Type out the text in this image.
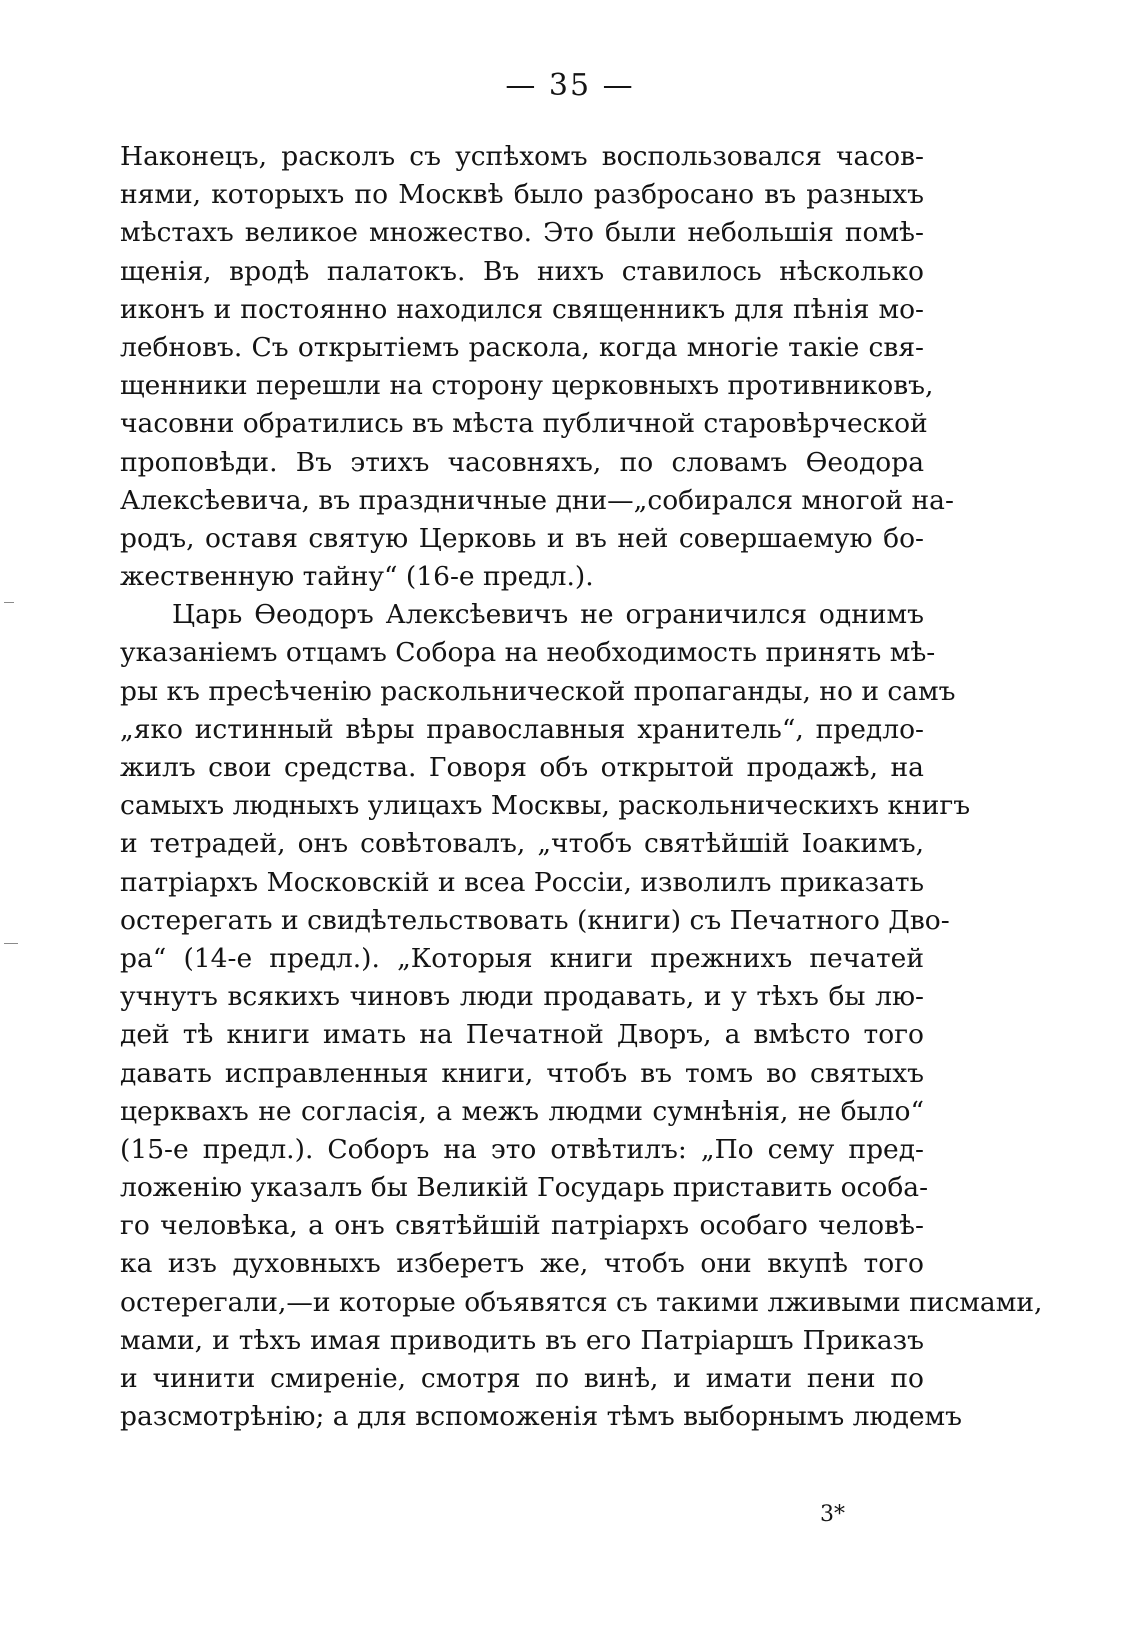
— 35 —
Наконецъ, расколъ съ успѣхомъ воспользовался часов-
нями, которыхъ по Москвѣ было разбросано въ разныхъ
мѣстахъ великое множество. Это были небольшія помѣ-
щенія, вродѣ палатокъ. Въ нихъ ставилось нѣсколько
иконъ и постоянно находился священникъ для пѣнія мо-
лебновъ. Съ открытіемъ раскола, когда многіе такіе свя-
щенники перешли на сторону церковныхъ противниковъ,
часовни обратились въ мѣста публичной старовѣрческой
проповѣди. Въ этихъ часовняхъ, по словамъ Ѳеодора
Алексѣевича, въ праздничные дни—„собирался многой на-
родъ, оставя святую Церковь и въ ней совершаемую бо-
жественную тайну“ (16-е предл.).
Царь Ѳеодоръ Алексѣевичъ не ограничился однимъ
указаніемъ отцамъ Собора на необходимость принять мѣ-
ры къ пресѣченію раскольнической пропаганды, но и самъ
„яко истинный вѣры православныя хранитель“, предло-
жилъ свои средства. Говоря объ открытой продажѣ, на
самыхъ людныхъ улицахъ Москвы, раскольническихъ книгъ
и тетрадей, онъ совѣтовалъ, „чтобъ святѣйшій Іоакимъ,
патріархъ Московскій и всеа Россіи, изволилъ приказать
остерегать и свидѣтельствовать (книги) съ Печатного Дво-
ра“ (14-е предл.). „Которыя книги прежнихъ печатей
учнутъ всякихъ чиновъ люди продавать, и у тѣхъ бы лю-
дей тѣ книги имать на Печатной Дворъ, а вмѣсто того
давать исправленныя книги, чтобъ въ томъ во святыхъ
церквахъ не согласія, а межъ людми сумнѣнія, не было“
(15-е предл.). Соборъ на это отвѣтилъ: „По сему пред-
ложенію указалъ бы Великій Государь приставить особа-
го человѣка, а онъ святѣйшій патріархъ особаго человѣ-
ка изъ духовныхъ изберетъ же, чтобъ они вкупѣ того
остерегали,—и которые объявятся съ такими лживыми писмами,
мами, и тѣхъ имая приводить въ его Патріаршъ Приказъ
и чинити смиреніе, смотря по винѣ, и имати пени по
разсмотрѣнію; а для вспоможенія тѣмъ выборнымъ людемъ
3*
